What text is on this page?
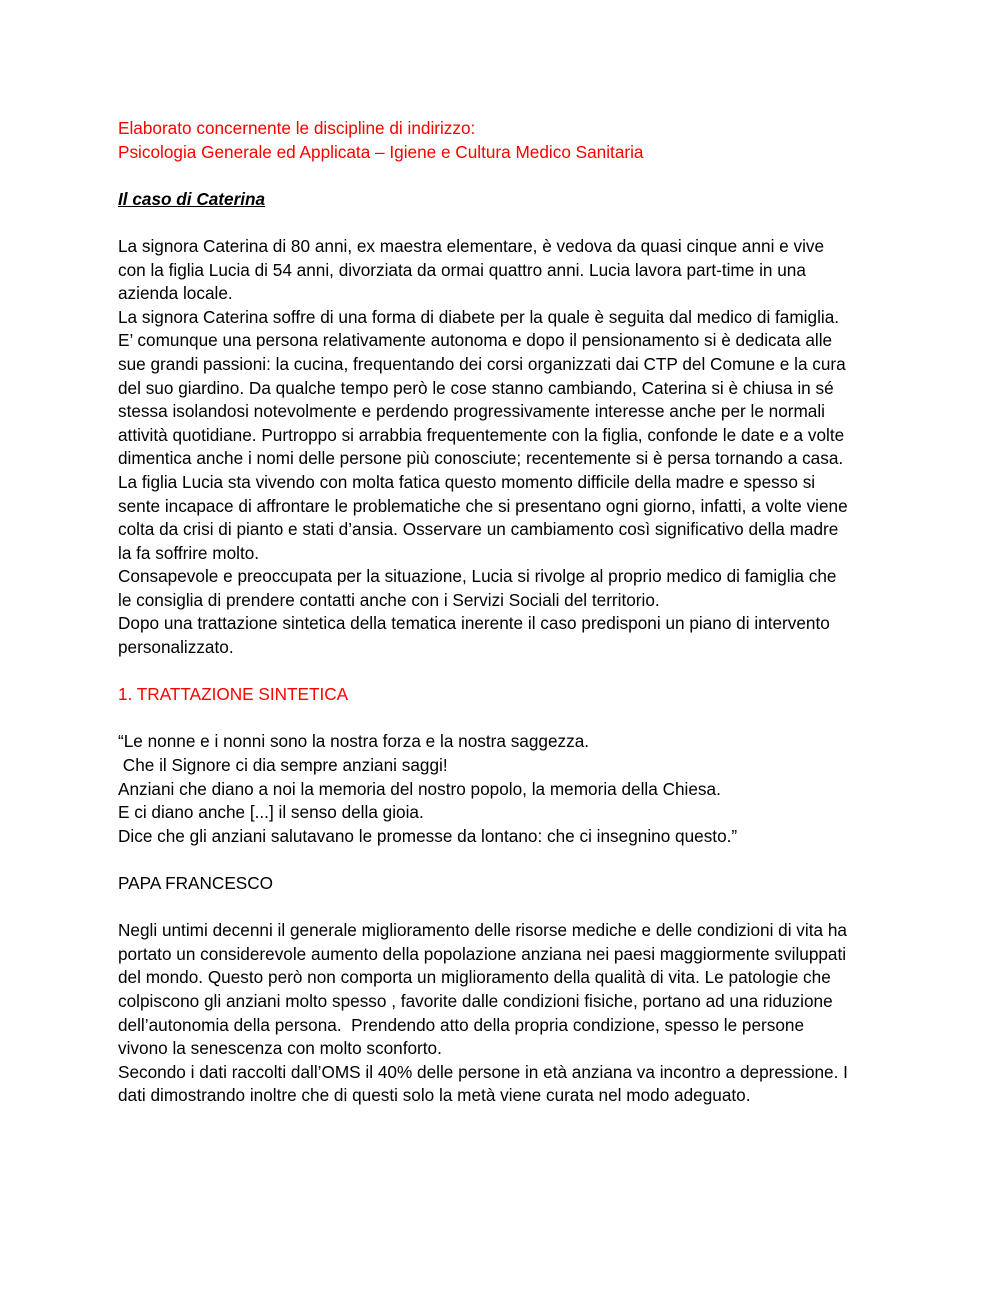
Elaborato concernente le discipline di indirizzo:
Psicologia Generale ed Applicata – Igiene e Cultura Medico Sanitaria
Il caso di Caterina
La signora Caterina di 80 anni, ex maestra elementare, è vedova da quasi cinque anni e vive
con la figlia Lucia di 54 anni, divorziata da ormai quattro anni. Lucia lavora part-time in una
azienda locale.
La signora Caterina soffre di una forma di diabete per la quale è seguita dal medico di famiglia.
E’ comunque una persona relativamente autonoma e dopo il pensionamento si è dedicata alle
sue grandi passioni: la cucina, frequentando dei corsi organizzati dai CTP del Comune e la cura
del suo giardino. Da qualche tempo però le cose stanno cambiando, Caterina si è chiusa in sé
stessa isolandosi notevolmente e perdendo progressivamente interesse anche per le normali
attività quotidiane. Purtroppo si arrabbia frequentemente con la figlia, confonde le date e a volte
dimentica anche i nomi delle persone più conosciute; recentemente si è persa tornando a casa.
La figlia Lucia sta vivendo con molta fatica questo momento difficile della madre e spesso si
sente incapace di affrontare le problematiche che si presentano ogni giorno, infatti, a volte viene
colta da crisi di pianto e stati d’ansia. Osservare un cambiamento così significativo della madre
la fa soffrire molto.
Consapevole e preoccupata per la situazione, Lucia si rivolge al proprio medico di famiglia che
le consiglia di prendere contatti anche con i Servizi Sociali del territorio.
Dopo una trattazione sintetica della tematica inerente il caso predisponi un piano di intervento
personalizzato.
1. TRATTAZIONE SINTETICA
“Le nonne e i nonni sono la nostra forza e la nostra saggezza.
Che il Signore ci dia sempre anziani saggi!
Anziani che diano a noi la memoria del nostro popolo, la memoria della Chiesa.
E ci diano anche [...] il senso della gioia.
Dice che gli anziani salutavano le promesse da lontano: che ci insegnino questo.”
PAPA FRANCESCO
Negli untimi decenni il generale miglioramento delle risorse mediche e delle condizioni di vita ha
portato un considerevole aumento della popolazione anziana nei paesi maggiormente sviluppati
del mondo. Questo però non comporta un miglioramento della qualità di vita. Le patologie che
colpiscono gli anziani molto spesso , favorite dalle condizioni fisiche, portano ad una riduzione
dell’autonomia della persona.  Prendendo atto della propria condizione, spesso le persone
vivono la senescenza con molto sconforto.
Secondo i dati raccolti dall’OMS il 40% delle persone in età anziana va incontro a depressione. I
dati dimostrando inoltre che di questi solo la metà viene curata nel modo adeguato.
